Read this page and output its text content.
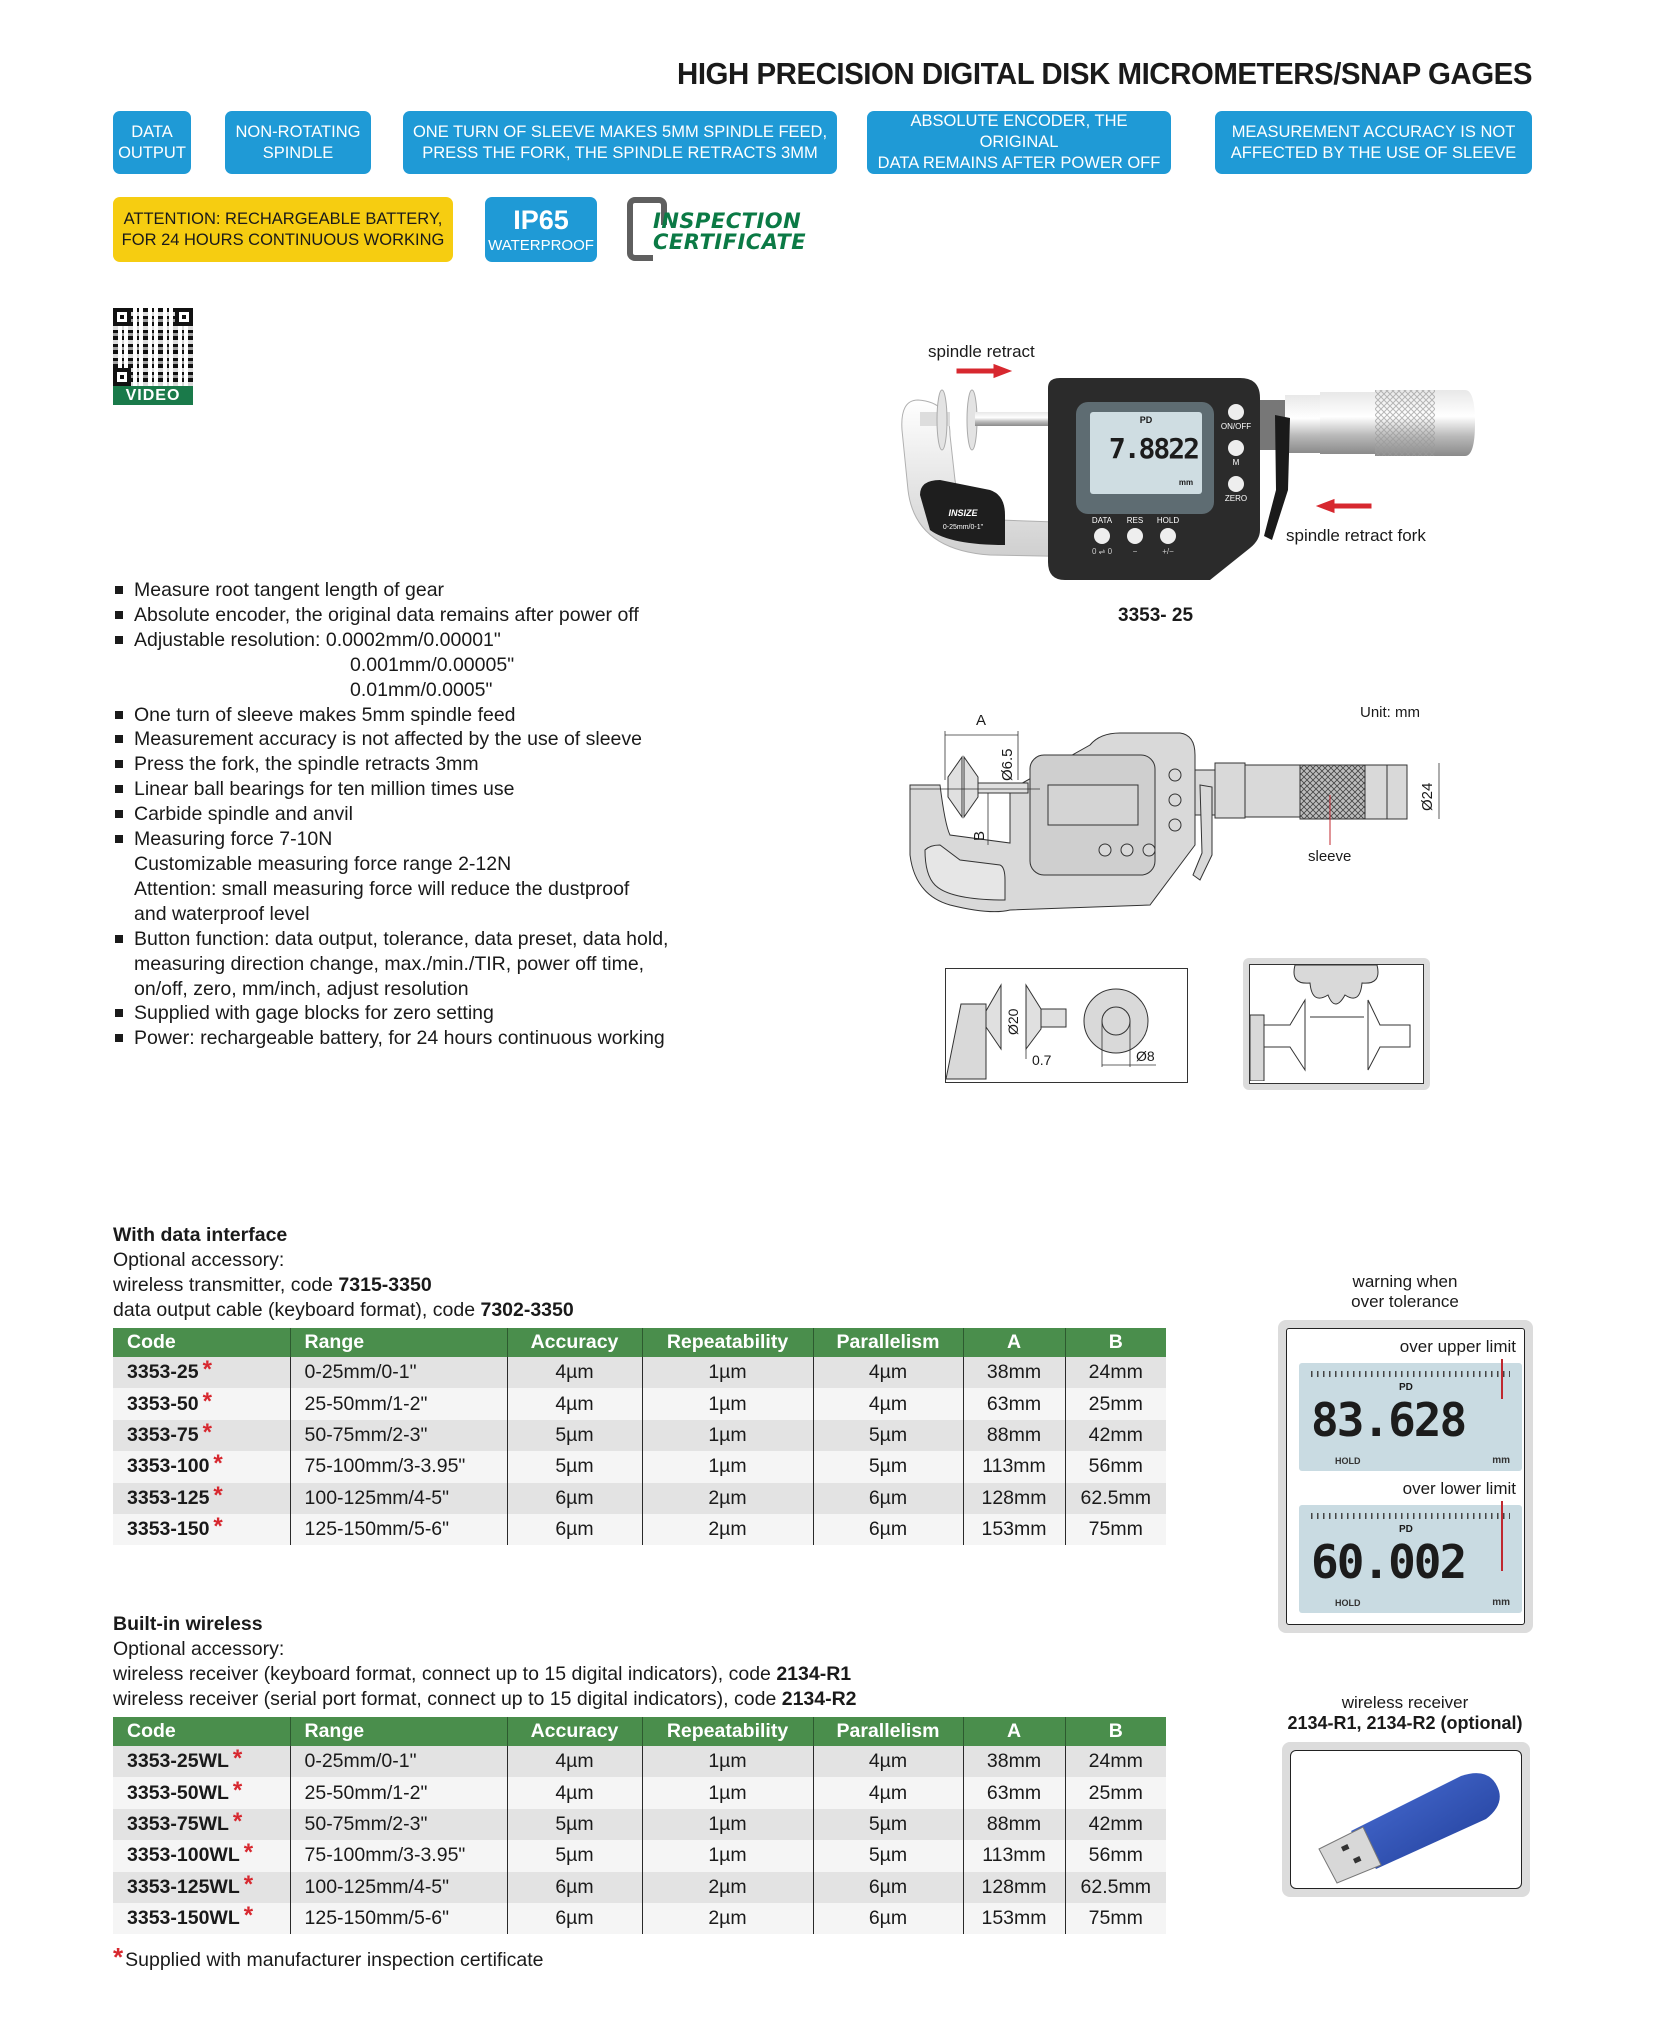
HIGH PRECISION DIGITAL DISK MICROMETERS/SNAP GAGES
DATA
OUTPUT
NON-ROTATING
SPINDLE
ONE TURN OF SLEEVE MAKES 5MM SPINDLE FEED,
PRESS THE FORK, THE SPINDLE RETRACTS 3MM
ABSOLUTE ENCODER, THE ORIGINAL
DATA REMAINS AFTER POWER OFF
MEASUREMENT ACCURACY IS NOT
AFFECTED BY THE USE OF SLEEVE
ATTENTION: RECHARGEABLE BATTERY,
FOR 24 HOURS CONTINUOUS WORKING
IP65
WATERPROOF
INSPECTION
CERTIFICATE
VIDEO
spindle retract
spindle retract fork
PD
7.8822
mm
ON/OFF
M
ZERO
DATA	RES	HOLD
0 ⇌ 0	−	+/−
INSIZE
0-25mm/0-1"
3353- 25
Measure root tangent length of gear
Absolute encoder, the original data remains after power off
Adjustable resolution: 0.0002mm/0.00001"
0.001mm/0.00005"
0.01mm/0.0005"
One turn of sleeve makes 5mm spindle feed
Measurement accuracy is not affected by the use of sleeve
Press the fork, the spindle retracts 3mm
Linear ball bearings for ten million times use
Carbide spindle and anvil
Measuring force 7-10N
Customizable measuring force range 2-12N
Attention: small measuring force will reduce the dustproof
and waterproof level
Button function: data output, tolerance, data preset, data hold,
measuring direction change, max./min./TIR, power off time,
on/off, zero, mm/inch, adjust resolution
Supplied with gage blocks for zero setting
Power: rechargeable battery, for 24 hours continuous working
Unit: mm
A
B
Ø6.5
Ø24
sleeve
Ø20
0.7	Ø8
With data interface
Optional accessory:
wireless transmitter, code 7315-3350
data output cable (keyboard format), code 7302-3350
Code	Range	Accuracy	Repeatability	Parallelism	A	B
3353-25 *	0-25mm/0-1"	4µm	1µm	4µm	38mm	24mm
3353-50 *	25-50mm/1-2"	4µm	1µm	4µm	63mm	25mm
3353-75 *	50-75mm/2-3"	5µm	1µm	5µm	88mm	42mm
3353-100 *	75-100mm/3-3.95"	5µm	1µm	5µm	113mm	56mm
3353-125 *	100-125mm/4-5"	6µm	2µm	6µm	128mm	62.5mm
3353-150 *	125-150mm/5-6"	6µm	2µm	6µm	153mm	75mm
warning when
over tolerance
over upper limit
PD
83.628
HOLD	mm
over lower limit
PD
60.002
HOLD	mm
Built-in wireless
Optional accessory:
wireless receiver (keyboard format, connect up to 15 digital indicators), code 2134-R1
wireless receiver (serial port format, connect up to 15 digital indicators), code 2134-R2
Code	Range	Accuracy	Repeatability	Parallelism	A	B
3353-25WL *	0-25mm/0-1"	4µm	1µm	4µm	38mm	24mm
3353-50WL *	25-50mm/1-2"	4µm	1µm	4µm	63mm	25mm
3353-75WL *	50-75mm/2-3"	5µm	1µm	5µm	88mm	42mm
3353-100WL *	75-100mm/3-3.95"	5µm	1µm	5µm	113mm	56mm
3353-125WL *	100-125mm/4-5"	6µm	2µm	6µm	128mm	62.5mm
3353-150WL *	125-150mm/5-6"	6µm	2µm	6µm	153mm	75mm
wireless receiver
2134-R1, 2134-R2 (optional)
* Supplied with manufacturer inspection certificate
